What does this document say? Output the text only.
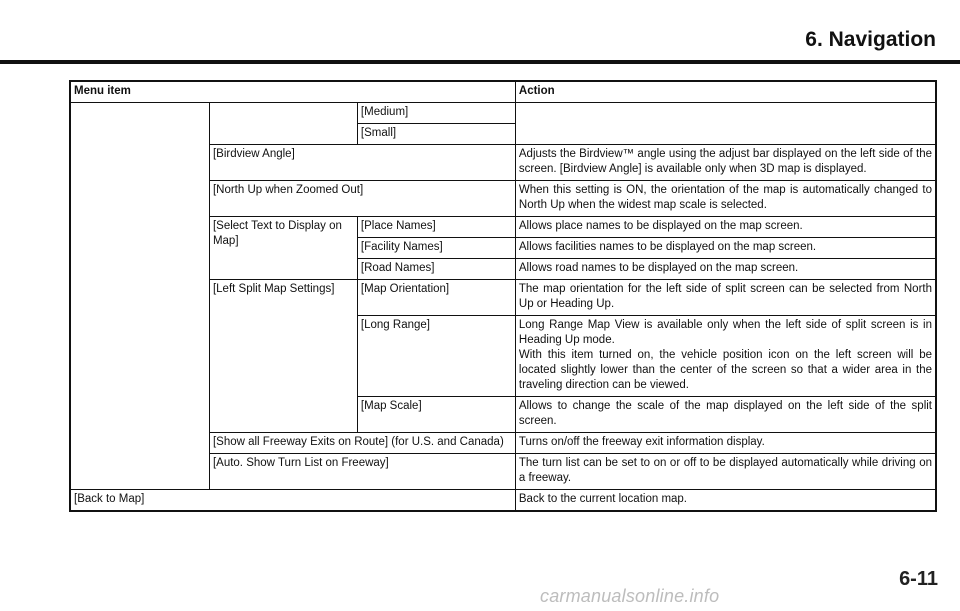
6. Navigation
Menu item			Action
		[Medium]	
		[Small]	
	[Birdview Angle]		Adjusts the Birdview™ angle using the adjust bar displayed on the left side of the screen. [Birdview Angle] is available only when 3D map is displayed.
	[North Up when Zoomed Out]		When this setting is ON, the orientation of the map is automatically changed to North Up when the widest map scale is selected.
	[Select Text to Display on Map]	[Place Names]	Allows place names to be displayed on the map screen.
		[Facility Names]	Allows facilities names to be displayed on the map screen.
		[Road Names]	Allows road names to be displayed on the map screen.
	[Left Split Map Settings]	[Map Orientation]	The map orientation for the left side of split screen can be selected from North Up or Heading Up.
		[Long Range]	Long Range Map View is available only when the left side of split screen is in Heading Up mode.
With this item turned on, the vehicle position icon on the left screen will be located slightly lower than the center of the screen so that a wider area in the traveling direction can be viewed.
		[Map Scale]	Allows to change the scale of the map displayed on the left side of the split screen.
	[Show all Freeway Exits on Route] (for U.S. and Canada)		Turns on/off the freeway exit information display.
	[Auto. Show Turn List on Freeway]		The turn list can be set to on or off to be displayed automatically while driving on a freeway.
[Back to Map]			Back to the current location map.
6-11
carmanualsonline.info
